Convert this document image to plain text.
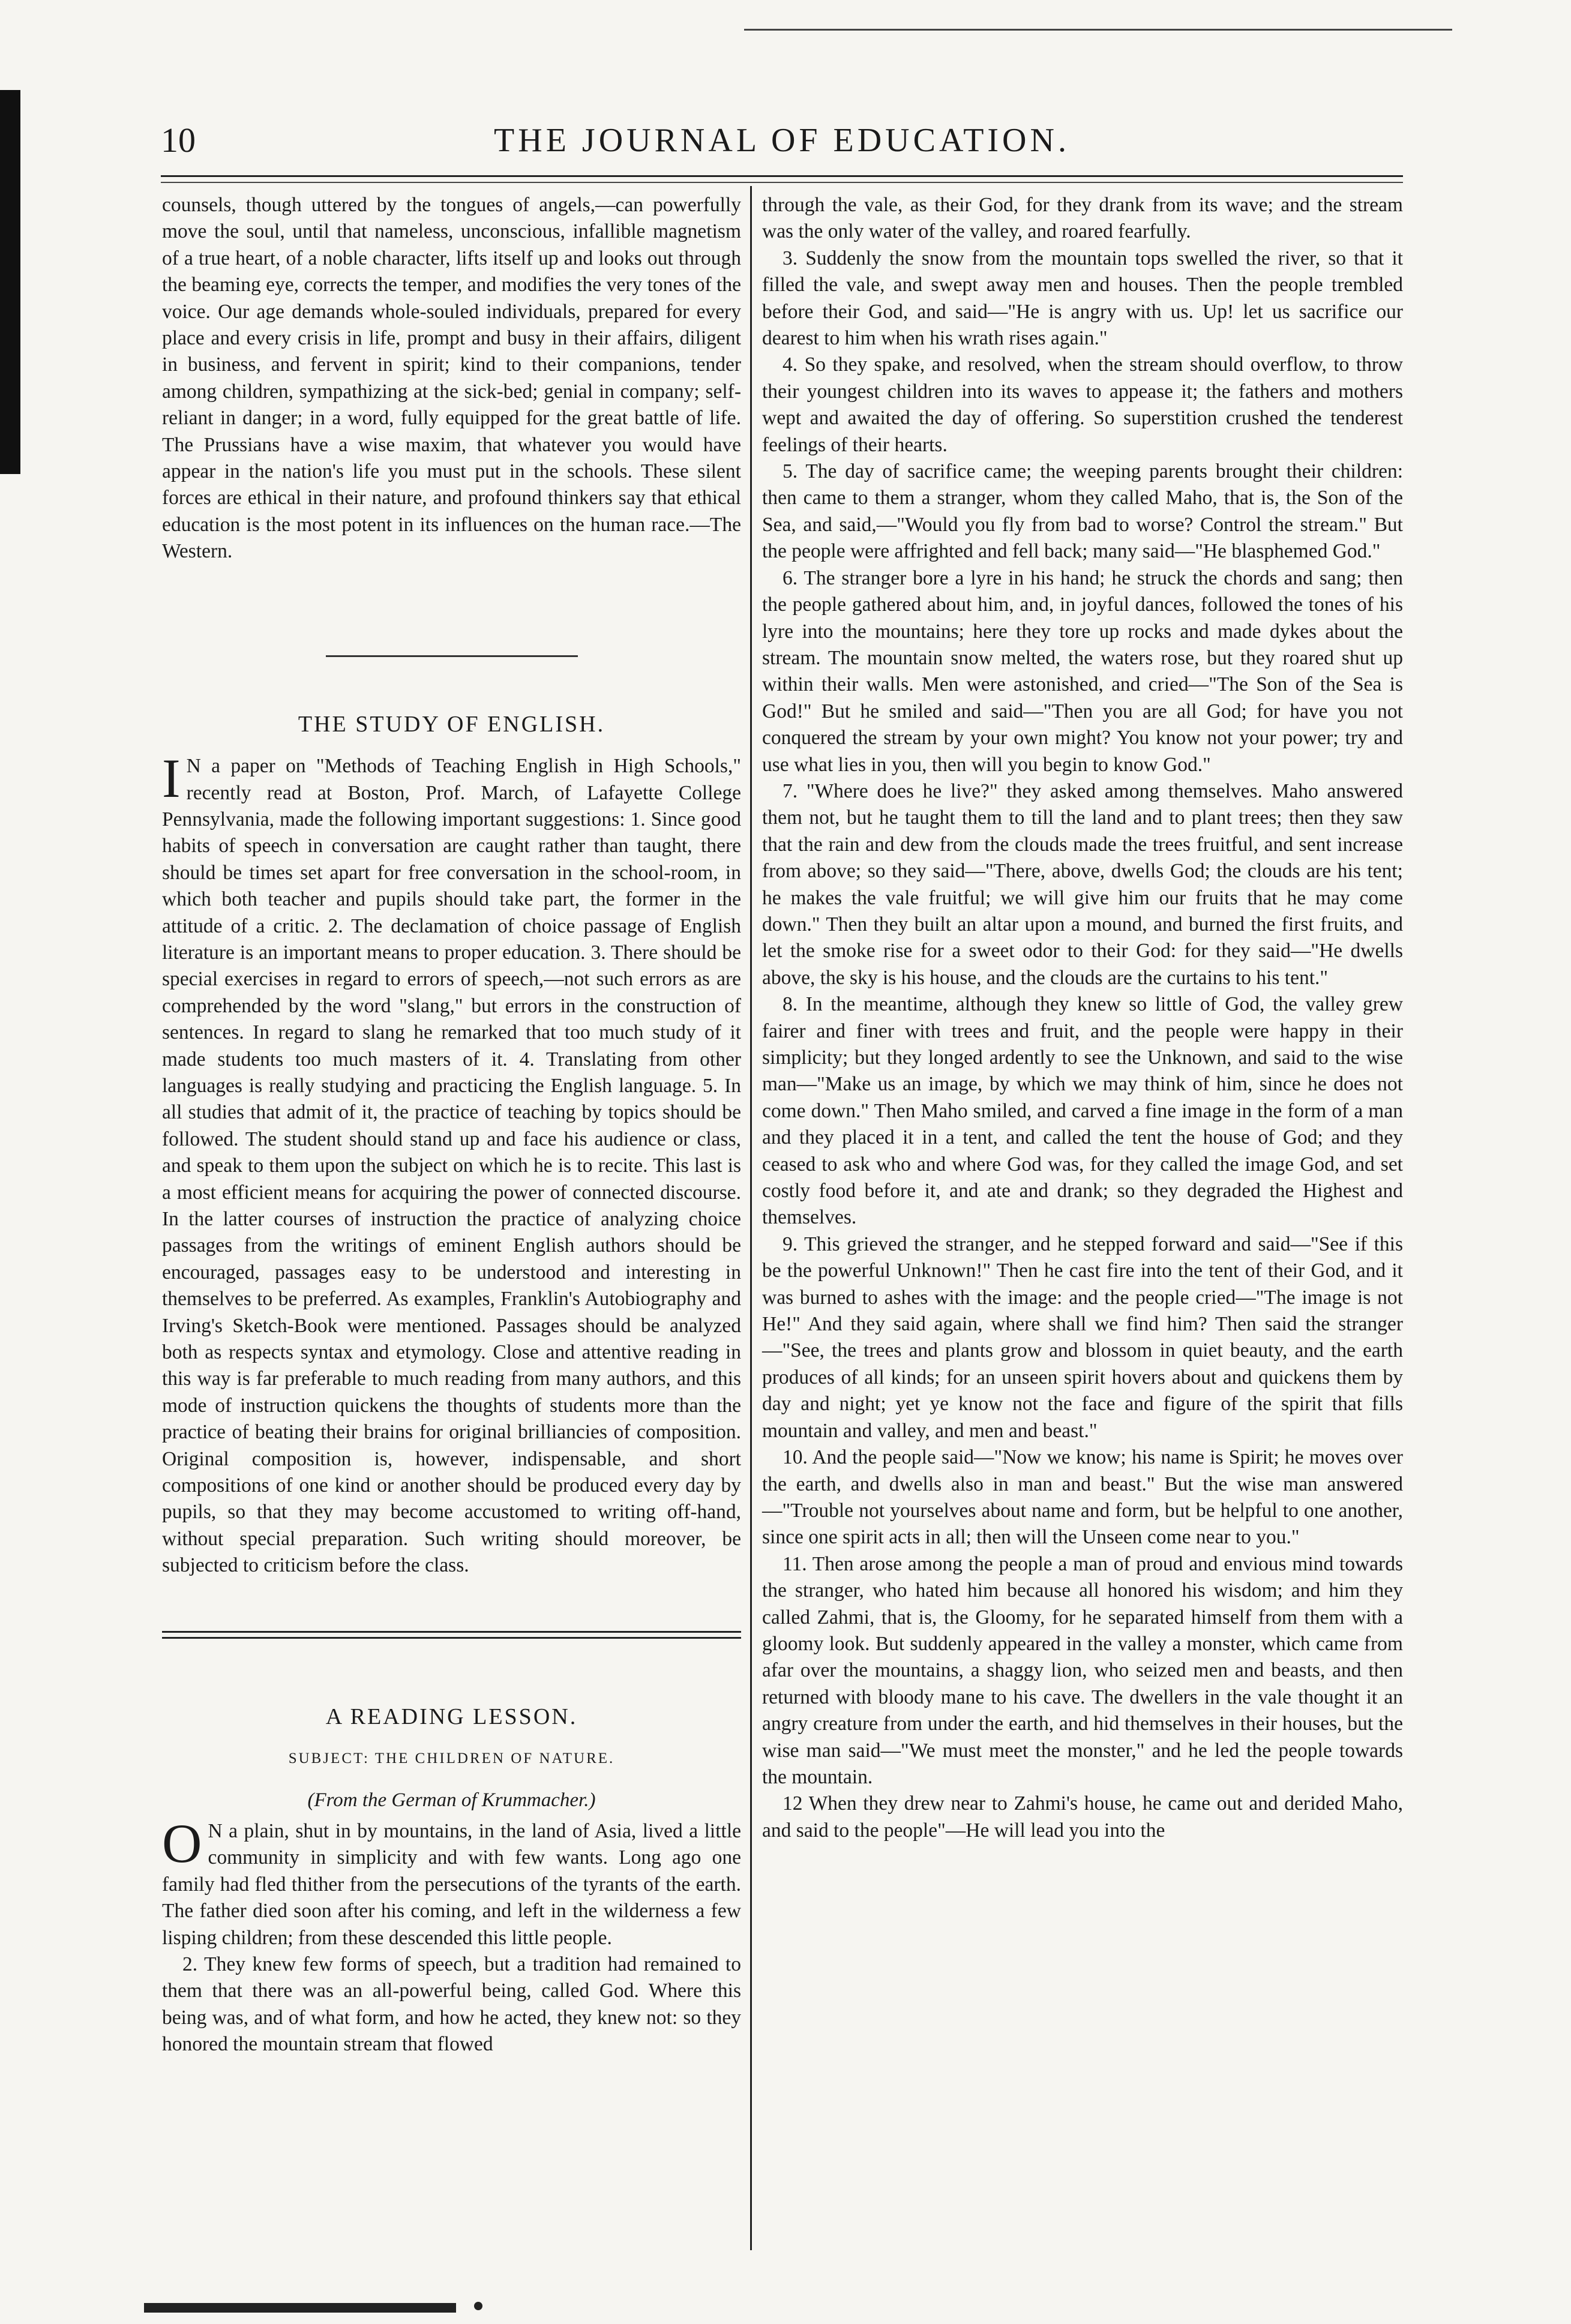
10	THE JOURNAL OF EDUCATION.

counsels, though uttered by the tongues of angels,—can powerfully move the soul, until that nameless, unconscious, infallible magnetism of a true heart, of a noble character, lifts itself up and looks out through the beaming eye, corrects the temper, and modifies the very tones of the voice. Our age demands whole-souled individuals, prepared for every place and every crisis in life, prompt and busy in their affairs, diligent in business, and fervent in spirit; kind to their companions, tender among children, sympathizing at the sick-bed; genial in company; self-reliant in danger; in a word, fully equipped for the great battle of life. The Prussians have a wise maxim, that whatever you would have appear in the nation's life you must put in the schools. These silent forces are ethical in their nature, and profound thinkers say that ethical education is the most potent in its influences on the human race.—The Western.

THE STUDY OF ENGLISH.

IN a paper on "Methods of Teaching English in High Schools," recently read at Boston, Prof. March, of Lafayette College Pennsylvania, made the following important suggestions: 1. Since good habits of speech in conversation are caught rather than taught, there should be times set apart for free conversation in the school-room, in which both teacher and pupils should take part, the former in the attitude of a critic. 2. The declamation of choice passage of English literature is an important means to proper education. 3. There should be special exercises in regard to errors of speech,—not such errors as are comprehended by the word "slang," but errors in the construction of sentences. In regard to slang he remarked that too much study of it made students too much masters of it. 4. Translating from other languages is really studying and practicing the English language. 5. In all studies that admit of it, the practice of teaching by topics should be followed. The student should stand up and face his audience or class, and speak to them upon the subject on which he is to recite. This last is a most efficient means for acquiring the power of connected discourse. In the latter courses of instruction the practice of analyzing choice passages from the writings of eminent English authors should be encouraged, passages easy to be understood and interesting in themselves to be preferred. As examples, Franklin's Autobiography and Irving's Sketch-Book were mentioned. Passages should be analyzed both as respects syntax and etymology. Close and attentive reading in this way is far preferable to much reading from many authors, and this mode of instruction quickens the thoughts of students more than the practice of beating their brains for original brilliancies of composition. Original composition is, however, indispensable, and short compositions of one kind or another should be produced every day by pupils, so that they may become accustomed to writing off-hand, without special preparation. Such writing should moreover, be subjected to criticism before the class.

A READING LESSON.
SUBJECT: THE CHILDREN OF NATURE.
(From the German of Krummacher.)

ON a plain, shut in by mountains, in the land of Asia, lived a little community in simplicity and with few wants. Long ago one family had fled thither from the persecutions of the tyrants of the earth. The father died soon after his coming, and left in the wilderness a few lisping children; from these descended this little people.

2. They knew few forms of speech, but a tradition had remained to them that there was an all-powerful being, called God. Where this being was, and of what form, and how he acted, they knew not: so they honored the mountain stream that flowed

through the vale, as their God, for they drank from its wave; and the stream was the only water of the valley, and roared fearfully.

3. Suddenly the snow from the mountain tops swelled the river, so that it filled the vale, and swept away men and houses. Then the people trembled before their God, and said—"He is angry with us. Up! let us sacrifice our dearest to him when his wrath rises again."

4. So they spake, and resolved, when the stream should overflow, to throw their youngest children into its waves to appease it; the fathers and mothers wept and awaited the day of offering. So superstition crushed the tenderest feelings of their hearts.

5. The day of sacrifice came; the weeping parents brought their children: then came to them a stranger, whom they called Maho, that is, the Son of the Sea, and said,—"Would you fly from bad to worse? Control the stream." But the people were affrighted and fell back; many said—"He blasphemed God."

6. The stranger bore a lyre in his hand; he struck the chords and sang; then the people gathered about him, and, in joyful dances, followed the tones of his lyre into the mountains; here they tore up rocks and made dykes about the stream. The mountain snow melted, the waters rose, but they roared shut up within their walls. Men were astonished, and cried—"The Son of the Sea is God!" But he smiled and said—"Then you are all God; for have you not conquered the stream by your own might? You know not your power; try and use what lies in you, then will you begin to know God."

7. "Where does he live?" they asked among themselves. Maho answered them not, but he taught them to till the land and to plant trees; then they saw that the rain and dew from the clouds made the trees fruitful, and sent increase from above; so they said—"There, above, dwells God; the clouds are his tent; he makes the vale fruitful; we will give him our fruits that he may come down." Then they built an altar upon a mound, and burned the first fruits, and let the smoke rise for a sweet odor to their God: for they said—"He dwells above, the sky is his house, and the clouds are the curtains to his tent."

8. In the meantime, although they knew so little of God, the valley grew fairer and finer with trees and fruit, and the people were happy in their simplicity; but they longed ardently to see the Unknown, and said to the wise man—"Make us an image, by which we may think of him, since he does not come down." Then Maho smiled, and carved a fine image in the form of a man and they placed it in a tent, and called the tent the house of God; and they ceased to ask who and where God was, for they called the image God, and set costly food before it, and ate and drank; so they degraded the Highest and themselves.

9. This grieved the stranger, and he stepped forward and said—"See if this be the powerful Unknown!" Then he cast fire into the tent of their God, and it was burned to ashes with the image: and the people cried—"The image is not He!" And they said again, where shall we find him? Then said the stranger—"See, the trees and plants grow and blossom in quiet beauty, and the earth produces of all kinds; for an unseen spirit hovers about and quickens them by day and night; yet ye know not the face and figure of the spirit that fills mountain and valley, and men and beast."

10. And the people said—"Now we know; his name is Spirit; he moves over the earth, and dwells also in man and beast." But the wise man answered—"Trouble not yourselves about name and form, but be helpful to one another, since one spirit acts in all; then will the Unseen come near to you."

11. Then arose among the people a man of proud and envious mind towards the stranger, who hated him because all honored his wisdom; and him they called Zahmi, that is, the Gloomy, for he separated himself from them with a gloomy look. But suddenly appeared in the valley a monster, which came from afar over the mountains, a shaggy lion, who seized men and beasts, and then returned with bloody mane to his cave. The dwellers in the vale thought it an angry creature from under the earth, and hid themselves in their houses, but the wise man said—"We must meet the monster," and he led the people towards the mountain.

12 When they drew near to Zahmi's house, he came out and derided Maho, and said to the people"—He will lead you into the
